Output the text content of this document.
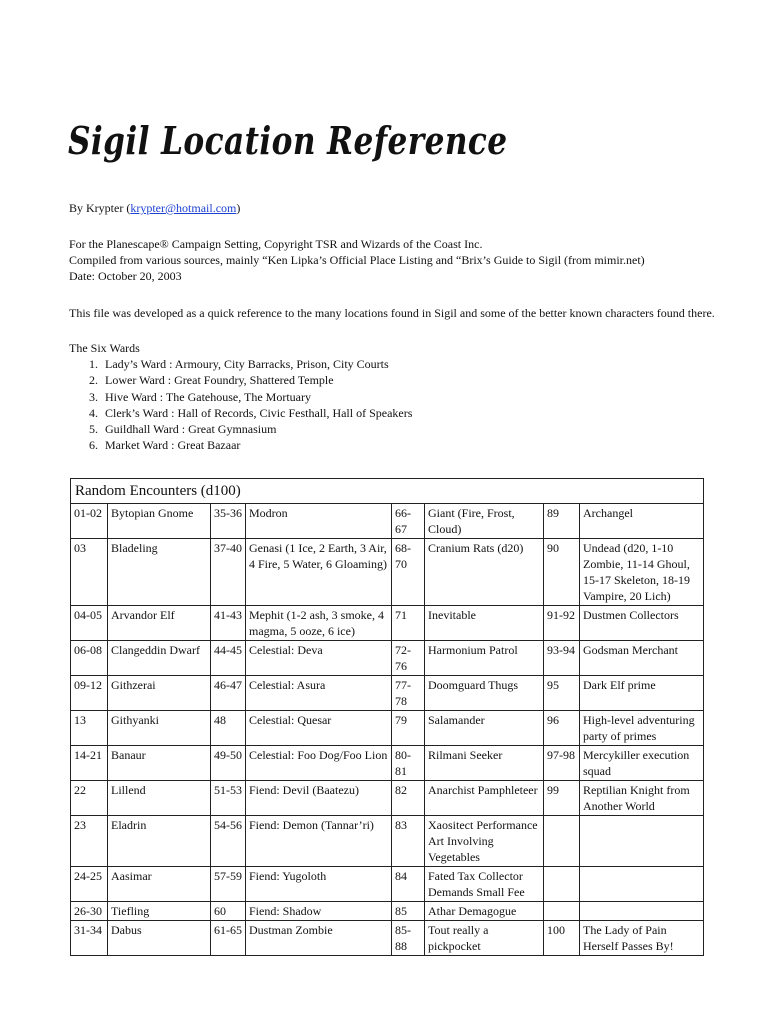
Sigil Location Reference
By Krypter (krypter@hotmail.com)
For the Planescape® Campaign Setting, Copyright TSR and Wizards of the Coast Inc.
Compiled from various sources, mainly “Ken Lipka’s Official Place Listing and “Brix’s Guide to Sigil (from mimir.net)
Date: October 20, 2003
This file was developed as a quick reference to the many locations found in Sigil and some of the better known characters found there.
The Six Wards
1. Lady’s Ward : Armoury, City Barracks, Prison, City Courts
2. Lower Ward : Great Foundry, Shattered Temple
3. Hive Ward : The Gatehouse, The Mortuary
4. Clerk’s Ward : Hall of Records, Civic Festhall, Hall of Speakers
5. Guildhall Ward : Great Gymnasium
6. Market Ward : Great Bazaar
Random Encounters (d100)							
01-02	Bytopian Gnome	35-36	Modron	66-67	Giant (Fire, Frost, Cloud)	89	Archangel
03	Bladeling	37-40	Genasi (1 Ice, 2 Earth, 3 Air, 4 Fire, 5 Water, 6 Gloaming)	68-70	Cranium Rats (d20)	90	Undead (d20, 1-10 Zombie, 11-14 Ghoul, 15-17 Skeleton, 18-19 Vampire, 20 Lich)
04-05	Arvandor Elf	41-43	Mephit (1-2 ash, 3 smoke, 4 magma, 5 ooze, 6 ice)	71	Inevitable	91-92	Dustmen Collectors
06-08	Clangeddin Dwarf	44-45	Celestial: Deva	72-76	Harmonium Patrol	93-94	Godsman Merchant
09-12	Githzerai	46-47	Celestial: Asura	77-78	Doomguard Thugs	95	Dark Elf prime
13	Githyanki	48	Celestial: Quesar	79	Salamander	96	High-level adventuring party of primes
14-21	Banaur	49-50	Celestial: Foo Dog/Foo Lion	80-81	Rilmani Seeker	97-98	Mercykiller execution squad
22	Lillend	51-53	Fiend: Devil (Baatezu)	82	Anarchist Pamphleteer	99	Reptilian Knight from Another World
23	Eladrin	54-56	Fiend: Demon (Tannar’ri)	83	Xaositect Performance Art Involving Vegetables		
24-25	Aasimar	57-59	Fiend: Yugoloth	84	Fated Tax Collector Demands Small Fee		
26-30	Tiefling	60	Fiend: Shadow	85	Athar Demagogue		
31-34	Dabus	61-65	Dustman Zombie	85-88	Tout really a pickpocket	100	The Lady of Pain Herself Passes By!
